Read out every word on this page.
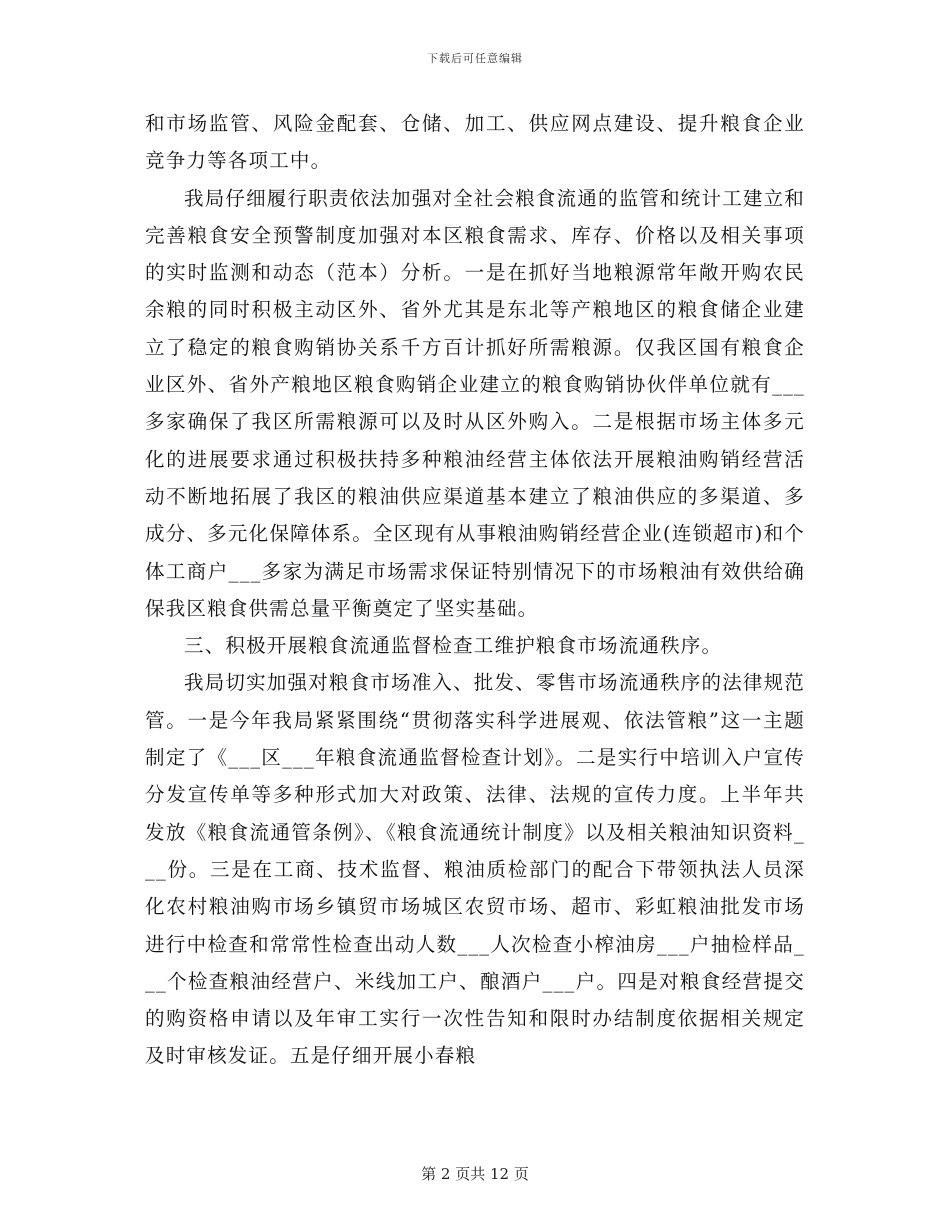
下载后可任意编辑

和市场监管、风险金配套、仓储、加工、供应网点建设、提升粮食企业竞争力等各项工中。

我局仔细履行职责依法加强对全社会粮食流通的监管和统计工建立和完善粮食安全预警制度加强对本区粮食需求、库存、价格以及相关事项的实时监测和动态（范本）分析。一是在抓好当地粮源常年敞开购农民余粮的同时积极主动区外、省外尤其是东北等产粮地区的粮食储企业建立了稳定的粮食购销协关系千方百计抓好所需粮源。仅我区国有粮食企业区外、省外产粮地区粮食购销企业建立的粮食购销协伙伴单位就有___多家确保了我区所需粮源可以及时从区外购入。二是根据市场主体多元化的进展要求通过积极扶持多种粮油经营主体依法开展粮油购销经营活动不断地拓展了我区的粮油供应渠道基本建立了粮油供应的多渠道、多成分、多元化保障体系。全区现有从事粮油购销经营企业(连锁超市)和个体工商户___多家为满足市场需求保证特别情况下的市场粮油有效供给确保我区粮食供需总量平衡奠定了坚实基础。

三、积极开展粮食流通监督检查工维护粮食市场流通秩序。

我局切实加强对粮食市场准入、批发、零售市场流通秩序的法律规范管。一是今年我局紧紧围绕“贯彻落实科学进展观、依法管粮”这一主题制定了《___区___年粮食流通监督检查计划》。二是实行中培训入户宣传分发宣传单等多种形式加大对政策、法律、法规的宣传力度。上半年共发放《粮食流通管条例》、《粮食流通统计制度》以及相关粮油知识资料___份。三是在工商、技术监督、粮油质检部门的配合下带领执法人员深化农村粮油购市场乡镇贸市场城区农贸市场、超市、彩虹粮油批发市场进行中检查和常常性检查出动人数___人次检查小榨油房___户抽检样品___个检查粮油经营户、米线加工户、酿酒户___户。四是对粮食经营提交的购资格申请以及年审工实行一次性告知和限时办结制度依据相关规定及时审核发证。五是仔细开展小春粮

第 2 页共 12 页
